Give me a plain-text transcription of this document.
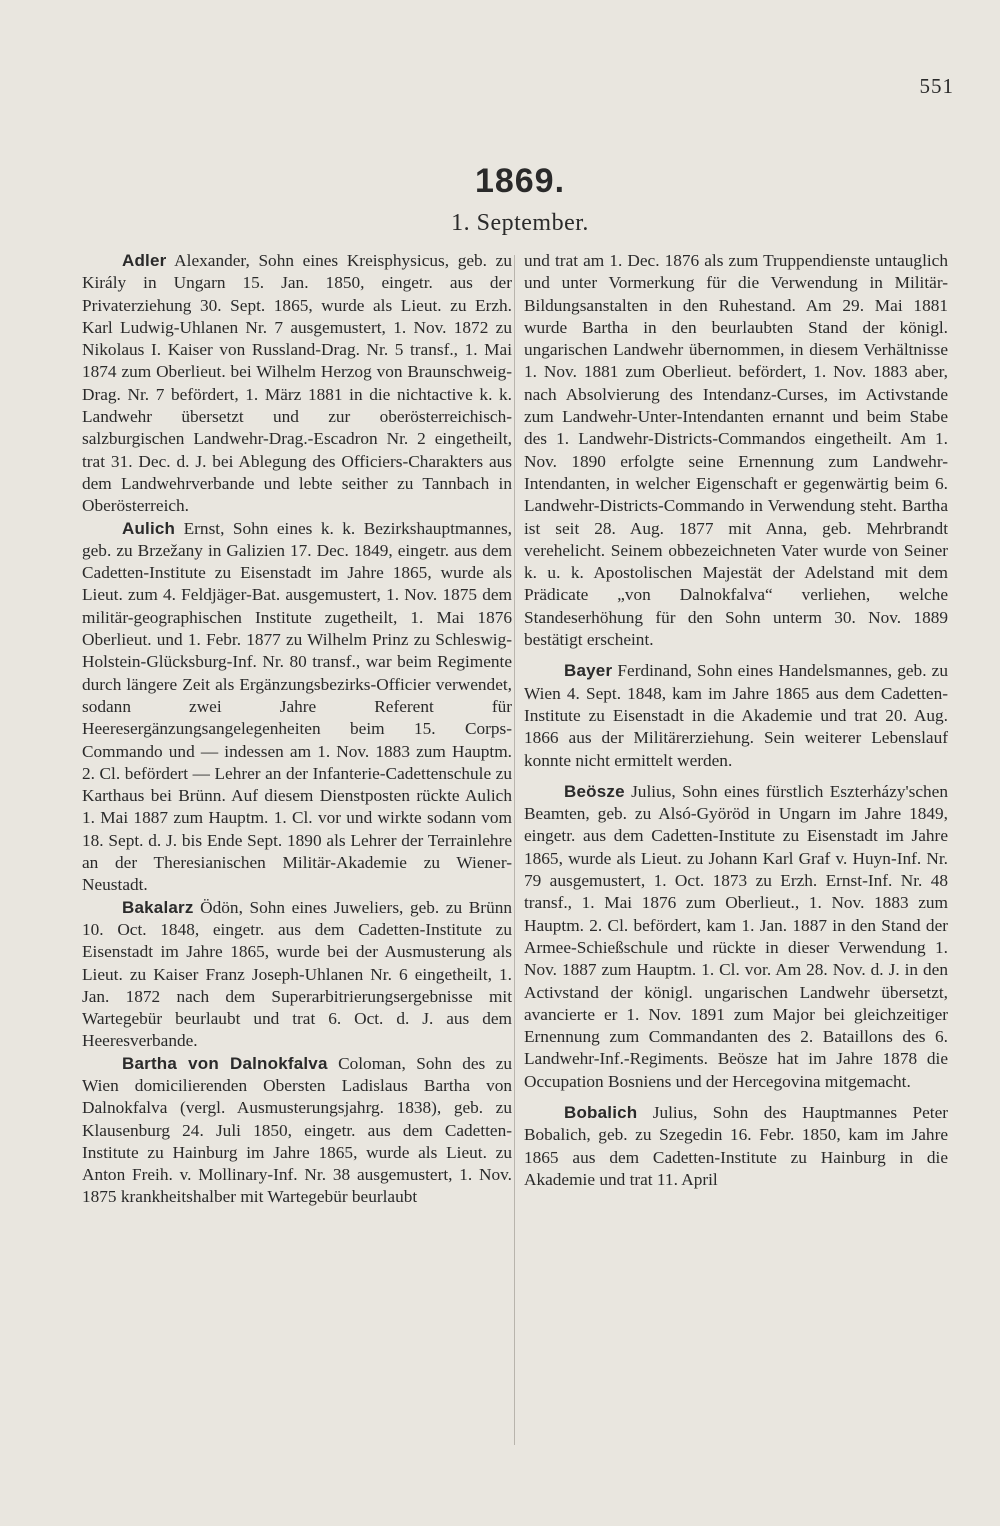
551
1869.
1. September.

Adler Alexander, Sohn eines Kreisphysicus, geb. zu Király in Ungarn 15. Jan. 1850, eingetr. aus der Privaterziehung 30. Sept. 1865, wurde als Lieut. zu Erzh. Karl Ludwig-Uhlanen Nr. 7 ausgemustert, 1. Nov. 1872 zu Nikolaus I. Kaiser von Russland-Drag. Nr. 5 transf., 1. Mai 1874 zum Oberlieut. bei Wilhelm Herzog von Braunschweig-Drag. Nr. 7 befördert, 1. März 1881 in die nichtactive k. k. Landwehr übersetzt und zur oberösterreichisch-salzburgischen Landwehr-Drag.-Escadron Nr. 2 eingetheilt, trat 31. Dec. d. J. bei Ablegung des Officiers-Charakters aus dem Landwehrverbande und lebte seither zu Tannbach in Oberösterreich.

Aulich Ernst, Sohn eines k. k. Bezirkshauptmannes, geb. zu Brzežany in Galizien 17. Dec. 1849, eingetr. aus dem Cadetten-Institute zu Eisenstadt im Jahre 1865, wurde als Lieut. zum 4. Feldjäger-Bat. ausgemustert, 1. Nov. 1875 dem militär-geographischen Institute zugetheilt, 1. Mai 1876 Oberlieut. und 1. Febr. 1877 zu Wilhelm Prinz zu Schleswig-Holstein-Glücksburg-Inf. Nr. 80 transf., war beim Regimente durch längere Zeit als Ergänzungsbezirks-Officier verwendet, sodann zwei Jahre Referent für Heeresergänzungsangelegenheiten beim 15. Corps-Commando und — indessen am 1. Nov. 1883 zum Hauptm. 2. Cl. befördert — Lehrer an der Infanterie-Cadettenschule zu Karthaus bei Brünn. Auf diesem Dienstposten rückte Aulich 1. Mai 1887 zum Hauptm. 1. Cl. vor und wirkte sodann vom 18. Sept. d. J. bis Ende Sept. 1890 als Lehrer der Terrainlehre an der Theresianischen Militär-Akademie zu Wiener-Neustadt.

Bakalarz Ödön, Sohn eines Juweliers, geb. zu Brünn 10. Oct. 1848, eingetr. aus dem Cadetten-Institute zu Eisenstadt im Jahre 1865, wurde bei der Ausmusterung als Lieut. zu Kaiser Franz Joseph-Uhlanen Nr. 6 eingetheilt, 1. Jan. 1872 nach dem Superarbitrierungsergebnisse mit Wartegebür beurlaubt und trat 6. Oct. d. J. aus dem Heeresverbande.

Bartha von Dalnokfalva Coloman, Sohn des zu Wien domicilierenden Obersten Ladislaus Bartha von Dalnokfalva (vergl. Ausmusterungsjahrg. 1838), geb. zu Klausenburg 24. Juli 1850, eingetr. aus dem Cadetten-Institute zu Hainburg im Jahre 1865, wurde als Lieut. zu Anton Freih. v. Mollinary-Inf. Nr. 38 ausgemustert, 1. Nov. 1875 krankheitshalber mit Wartegebür beurlaubt

und trat am 1. Dec. 1876 als zum Truppendienste untauglich und unter Vormerkung für die Verwendung in Militär-Bildungsanstalten in den Ruhestand. Am 29. Mai 1881 wurde Bartha in den beurlaubten Stand der königl. ungarischen Landwehr übernommen, in diesem Verhältnisse 1. Nov. 1881 zum Oberlieut. befördert, 1. Nov. 1883 aber, nach Absolvierung des Intendanz-Curses, im Activstande zum Landwehr-Unter-Intendanten ernannt und beim Stabe des 1. Landwehr-Districts-Commandos eingetheilt. Am 1. Nov. 1890 erfolgte seine Ernennung zum Landwehr-Intendanten, in welcher Eigenschaft er gegenwärtig beim 6. Landwehr-Districts-Commando in Verwendung steht. Bartha ist seit 28. Aug. 1877 mit Anna, geb. Mehrbrandt verehelicht. Seinem obbezeichneten Vater wurde von Seiner k. u. k. Apostolischen Majestät der Adelstand mit dem Prädicate „von Dalnokfalva“ verliehen, welche Standeserhöhung für den Sohn unterm 30. Nov. 1889 bestätigt erscheint.

Bayer Ferdinand, Sohn eines Handelsmannes, geb. zu Wien 4. Sept. 1848, kam im Jahre 1865 aus dem Cadetten-Institute zu Eisenstadt in die Akademie und trat 20. Aug. 1866 aus der Militärerziehung. Sein weiterer Lebenslauf konnte nicht ermittelt werden.

Beösze Julius, Sohn eines fürstlich Eszterházy'schen Beamten, geb. zu Alsó-Györöd in Ungarn im Jahre 1849, eingetr. aus dem Cadetten-Institute zu Eisenstadt im Jahre 1865, wurde als Lieut. zu Johann Karl Graf v. Huyn-Inf. Nr. 79 ausgemustert, 1. Oct. 1873 zu Erzh. Ernst-Inf. Nr. 48 transf., 1. Mai 1876 zum Oberlieut., 1. Nov. 1883 zum Hauptm. 2. Cl. befördert, kam 1. Jan. 1887 in den Stand der Armee-Schießschule und rückte in dieser Verwendung 1. Nov. 1887 zum Hauptm. 1. Cl. vor. Am 28. Nov. d. J. in den Activstand der königl. ungarischen Landwehr übersetzt, avancierte er 1. Nov. 1891 zum Major bei gleichzeitiger Ernennung zum Commandanten des 2. Bataillons des 6. Landwehr-Inf.-Regiments. Beösze hat im Jahre 1878 die Occupation Bosniens und der Hercegovina mitgemacht.

Bobalich Julius, Sohn des Hauptmannes Peter Bobalich, geb. zu Szegedin 16. Febr. 1850, kam im Jahre 1865 aus dem Cadetten-Institute zu Hainburg in die Akademie und trat 11. April
